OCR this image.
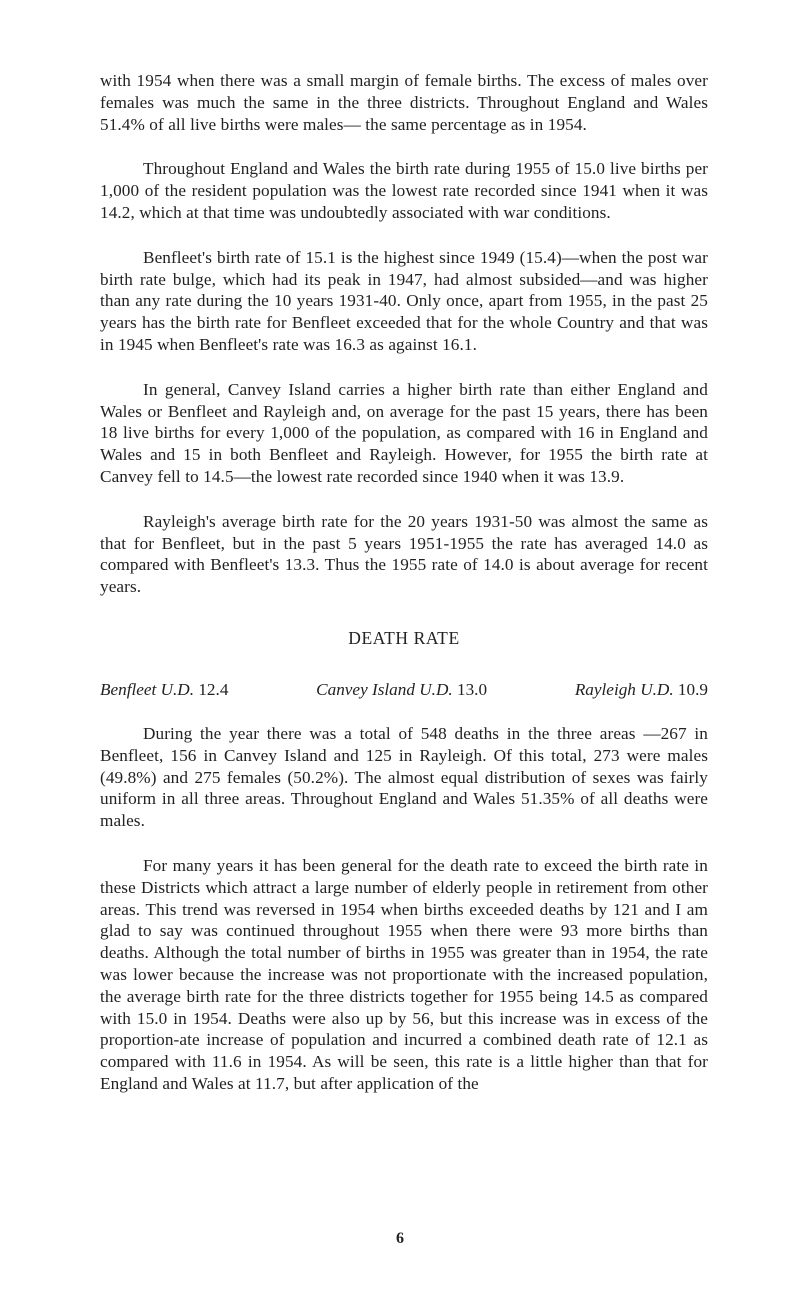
with 1954 when there was a small margin of female births. The excess of males over females was much the same in the three districts. Throughout England and Wales 51.4% of all live births were males— the same percentage as in 1954.

Throughout England and Wales the birth rate during 1955 of 15.0 live births per 1,000 of the resident population was the lowest rate recorded since 1941 when it was 14.2, which at that time was undoubtedly associated with war conditions.

Benfleet's birth rate of 15.1 is the highest since 1949 (15.4)—when the post war birth rate bulge, which had its peak in 1947, had almost subsided—and was higher than any rate during the 10 years 1931-40. Only once, apart from 1955, in the past 25 years has the birth rate for Benfleet exceeded that for the whole Country and that was in 1945 when Benfleet's rate was 16.3 as against 16.1.

In general, Canvey Island carries a higher birth rate than either England and Wales or Benfleet and Rayleigh and, on average for the past 15 years, there has been 18 live births for every 1,000 of the population, as compared with 16 in England and Wales and 15 in both Benfleet and Rayleigh. However, for 1955 the birth rate at Canvey fell to 14.5—the lowest rate recorded since 1940 when it was 13.9.

Rayleigh's average birth rate for the 20 years 1931-50 was almost the same as that for Benfleet, but in the past 5 years 1951-1955 the rate has averaged 14.0 as compared with Benfleet's 13.3. Thus the 1955 rate of 14.0 is about average for recent years.

DEATH RATE
Benfleet U.D. 12.4	Canvey Island U.D. 13.0	Rayleigh U.D. 10.9

During the year there was a total of 548 deaths in the three areas —267 in Benfleet, 156 in Canvey Island and 125 in Rayleigh. Of this total, 273 were males (49.8%) and 275 females (50.2%). The almost equal distribution of sexes was fairly uniform in all three areas. Throughout England and Wales 51.35% of all deaths were males.

For many years it has been general for the death rate to exceed the birth rate in these Districts which attract a large number of elderly people in retirement from other areas. This trend was reversed in 1954 when births exceeded deaths by 121 and I am glad to say was continued throughout 1955 when there were 93 more births than deaths. Although the total number of births in 1955 was greater than in 1954, the rate was lower because the increase was not proportionate with the increased population, the average birth rate for the three districts together for 1955 being 14.5 as compared with 15.0 in 1954. Deaths were also up by 56, but this increase was in excess of the proportion-ate increase of population and incurred a combined death rate of 12.1 as compared with 11.6 in 1954. As will be seen, this rate is a little higher than that for England and Wales at 11.7, but after application of the

6
